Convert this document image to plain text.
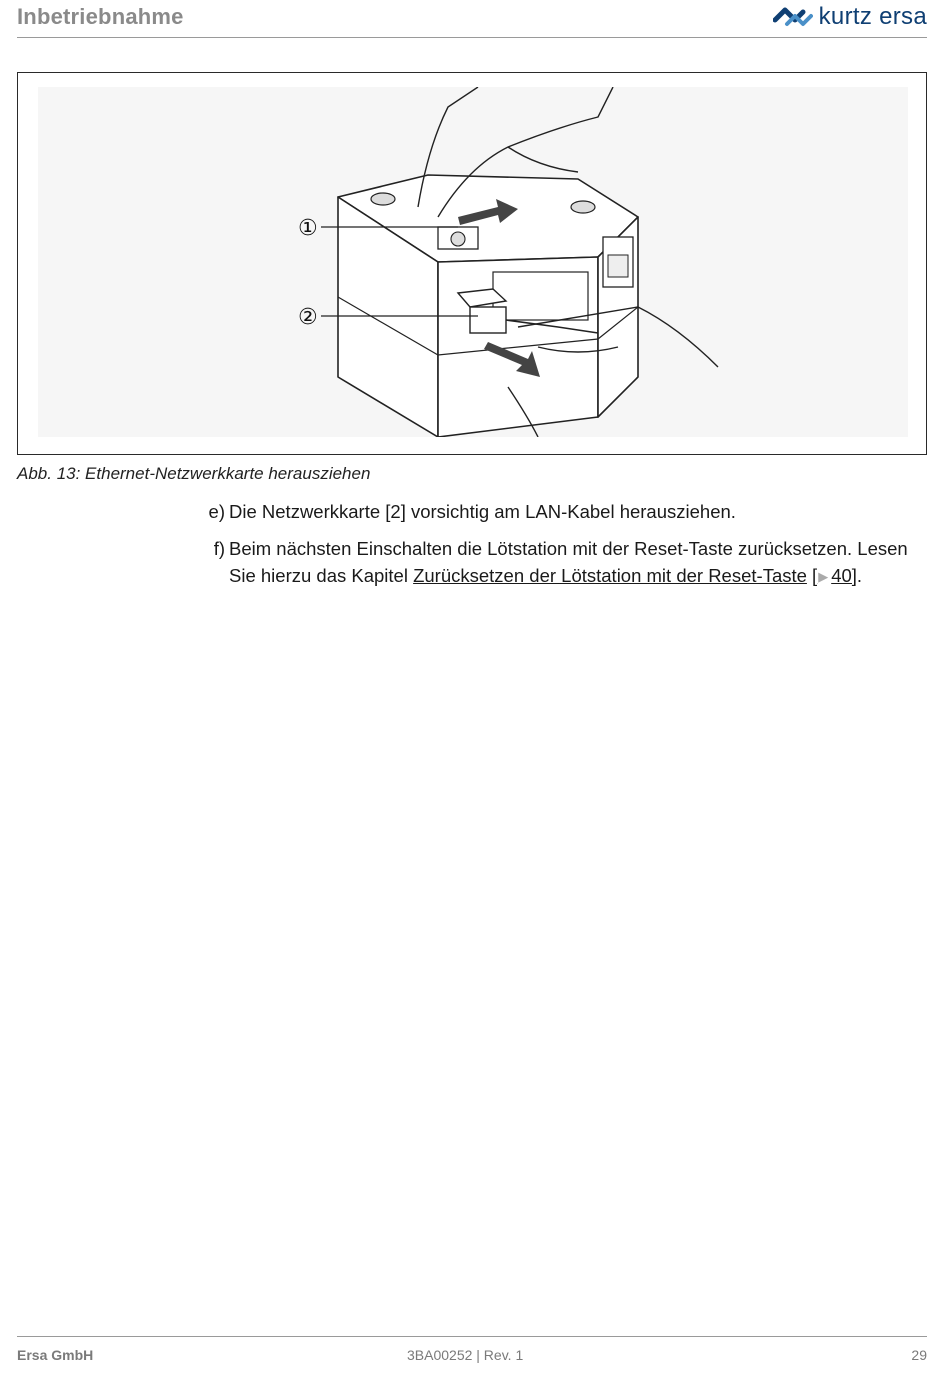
Inbetriebnahme	kurtz ersa
①
②
Abb. 13: Ethernet-Netzwerkkarte herausziehen
e) Die Netzwerkkarte [2] vorsichtig am LAN-Kabel herausziehen.
f) Beim nächsten Einschalten die Lötstation mit der Reset-Taste zurücksetzen. Lesen Sie hierzu das Kapitel Zurücksetzen der Lötstation mit der Reset-Taste [▶ 40].
Ersa GmbH	3BA00252 | Rev. 1	29
